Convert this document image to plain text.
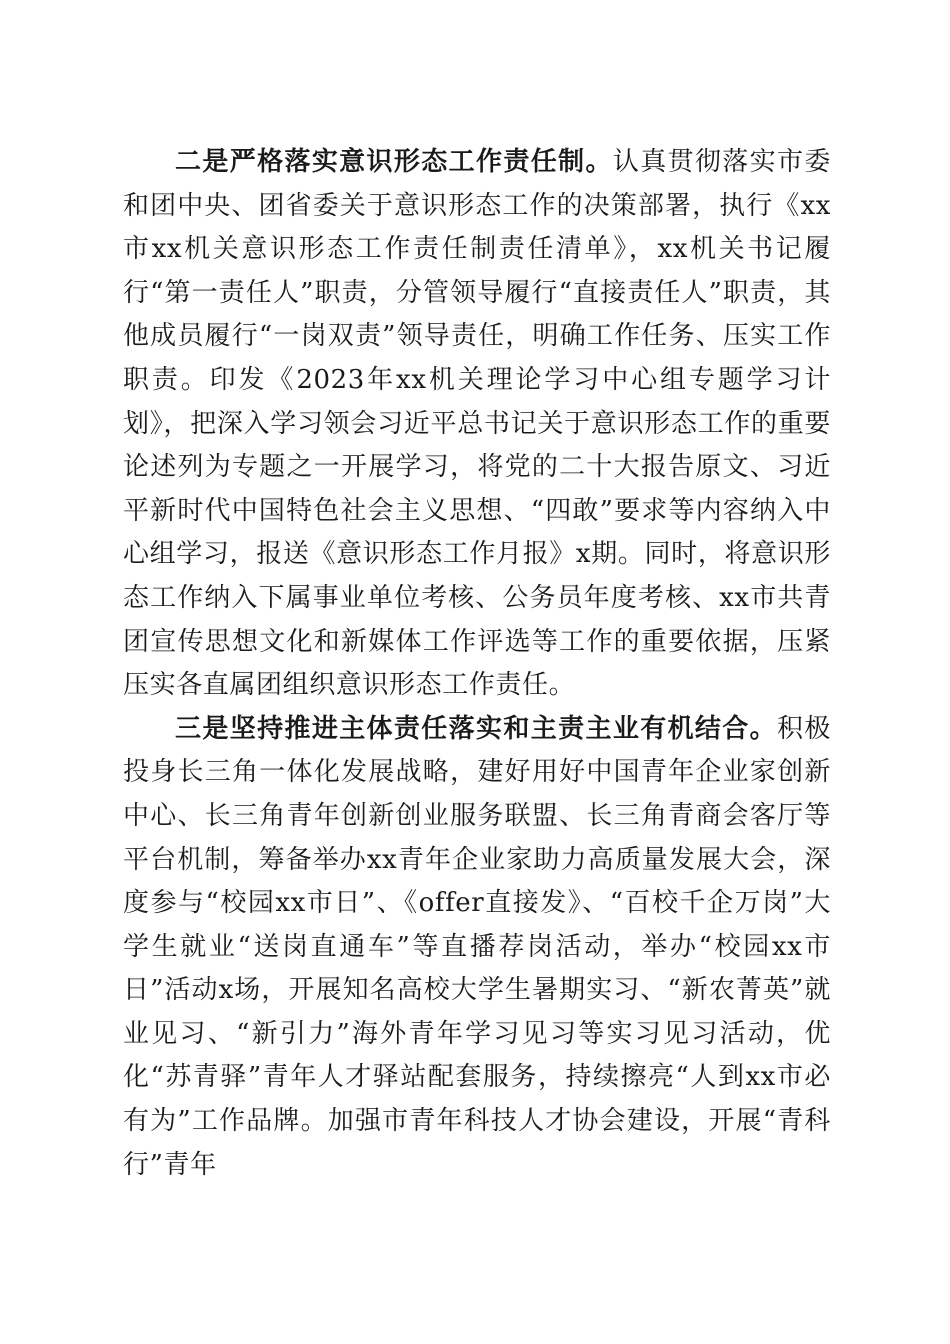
二是严格落实意识形态工作责任制。认真贯彻落实市委和团中央、团省委关于意识形态工作的决策部署，执行《xx市xx机关意识形态工作责任制责任清单》，xx机关书记履行“第一责任人”职责，分管领导履行“直接责任人”职责，其他成员履行“一岗双责”领导责任，明确工作任务、压实工作职责。印发《2023年xx机关理论学习中心组专题学习计划》，把深入学习领会习近平总书记关于意识形态工作的重要论述列为专题之一开展学习，将党的二十大报告原文、习近平新时代中国特色社会主义思想、“四敢”要求等内容纳入中心组学习，报送《意识形态工作月报》x期。同时，将意识形态工作纳入下属事业单位考核、公务员年度考核、xx市共青团宣传思想文化和新媒体工作评选等工作的重要依据，压紧压实各直属团组织意识形态工作责任。

三是坚持推进主体责任落实和主责主业有机结合。积极投身长三角一体化发展战略，建好用好中国青年企业家创新中心、长三角青年创新创业服务联盟、长三角青商会客厅等平台机制，筹备举办xx青年企业家助力高质量发展大会，深度参与“校园xx市日”、《offer直接发》、“百校千企万岗”大学生就业“送岗直通车”等直播荐岗活动，举办“校园xx市日”活动x场，开展知名高校大学生暑期实习、“新农菁英”就业见习、“新引力”海外青年学习见习等实习见习活动，优化“苏青驿”青年人才驿站配套服务，持续擦亮“人到xx市必有为”工作品牌。加强市青年科技人才协会建设，开展“青科行”青年
